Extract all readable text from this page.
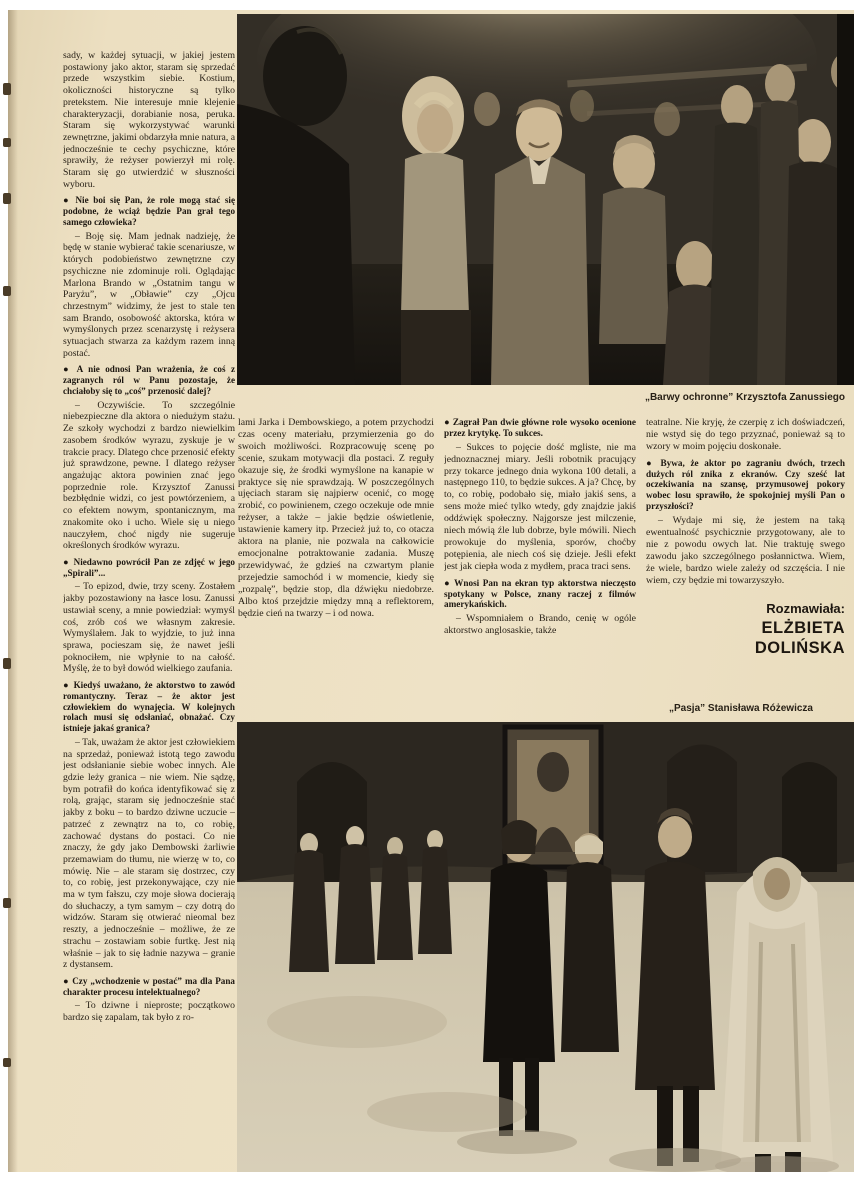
„Barwy ochronne” Krzysztofa Zanussiego

sady, w każdej sytuacji, w jakiej jestem postawiony jako aktor, staram się sprzedać przede wszystkim siebie. Kostium, okoliczności historyczne są tylko pretekstem. Nie interesuje mnie klejenie charakteryzacji, dorabianie nosa, peruka. Staram się wykorzystywać warunki zewnętrzne, jakimi obdarzyła mnie natura, a jednocześnie te cechy psychiczne, które sprawiły, że reżyser powierzył mi rolę. Staram się go utwierdzić w słuszności wyboru.

● Nie boi się Pan, że role mogą stać się podobne, że wciąż będzie Pan grał tego samego człowieka?

– Boję się. Mam jednak nadzieję, że będę w stanie wybierać takie scenariusze, w których podobieństwo zewnętrzne czy psychiczne nie zdominuje roli. Oglądając Marlona Brando w „Ostatnim tangu w Paryżu”, w „Obławie” czy „Ojcu chrzestnym” widzimy, że jest to stale ten sam Brando, osobowość aktorska, która w wymyślonych przez scenarzystę i reżysera sytuacjach stwarza za każdym razem inną postać.

● A nie odnosi Pan wrażenia, że coś z zagranych ról w Panu pozostaje, że chciałoby się to „coś” przenosić dalej?

– Oczywiście. To szczególnie niebezpieczne dla aktora o niedużym stażu. Ze szkoły wychodzi z bardzo niewielkim zasobem środków wyrazu, zyskuje je w trakcie pracy. Dlatego chce przenosić efekty już sprawdzone, pewne. I dlatego reżyser angażując aktora powinien znać jego poprzednie role. Krzysztof Zanussi bezbłędnie widzi, co jest powtórzeniem, a co efektem nowym, spontanicznym, ma znakomite oko i ucho. Wiele się u niego nauczyłem, choć nigdy nie sugeruje określonych środków wyrazu.

● Niedawno powrócił Pan ze zdjęć w jego „Spirali”...

– To epizod, dwie, trzy sceny. Zostałem jakby pozostawiony na łasce losu. Zanussi ustawiał sceny, a mnie powiedział: wymyśl coś, zrób coś we własnym zakresie. Wymyślałem. Jak to wyjdzie, to już inna sprawa, pocieszam się, że nawet jeśli poknociłem, nie wpłynie to na całość. Myślę, że to był dowód wielkiego zaufania.

● Kiedyś uważano, że aktorstwo to zawód romantyczny. Teraz – że aktor jest człowiekiem do wynajęcia. W kolejnych rolach musi się odsłaniać, obnażać. Czy istnieje jakaś granica?

– Tak, uważam że aktor jest człowiekiem na sprzedaż, ponieważ istotą tego zawodu jest odsłanianie siebie wobec innych. Ale gdzie leży granica – nie wiem. Nie sądzę, bym potrafił do końca identyfikować się z rolą, grając, staram się jednocześnie stać jakby z boku – to bardzo dziwne uczucie – patrzeć z zewnątrz na to, co robię, zachować dystans do postaci. Co nie znaczy, że gdy jako Dembowski żarliwie przemawiam do tłumu, nie wierzę w to, co mówię. Nie – ale staram się dostrzec, czy to, co robię, jest przekonywające, czy nie ma w tym fałszu, czy moje słowa docierają do słuchaczy, a tym samym – czy dotrą do widzów. Staram się otwierać nieomal bez reszty, a jednocześnie – możliwe, że ze strachu – zostawiam sobie furtkę. Jest nią właśnie – jak to się ładnie nazywa – granie z dystansem.

● Czy „wchodzenie w postać” ma dla Pana charakter procesu intelektualnego?

– To dziwne i nieproste; początkowo bardzo się zapalam, tak było z ro-

lami Jarka i Dembowskiego, a potem przychodzi czas oceny materiału, przymierzenia go do swoich możliwości. Rozpracowuję scenę po scenie, szukam motywacji dla postaci. Z reguły okazuje się, że środki wymyślone na kanapie w praktyce się nie sprawdzają. W poszczególnych ujęciach staram się najpierw ocenić, co mogę zrobić, co powinienem, czego oczekuje ode mnie reżyser, a także – jakie będzie oświetlenie, ustawienie kamery itp. Przecież już to, co otacza aktora na planie, nie pozwala na całkowicie emocjonalne potraktowanie zadania. Muszę przewidywać, że gdzieś na czwartym planie przejedzie samochód i w momencie, kiedy się „rozpalę”, będzie stop, dla dźwięku niedobrze. Albo ktoś przejdzie między mną a reflektorem, będzie cień na twarzy – i od nowa.

● Zagrał Pan dwie główne role wysoko ocenione przez krytykę. To sukces.

– Sukces to pojęcie dość mgliste, nie ma jednoznacznej miary. Jeśli robotnik pracujący przy tokarce jednego dnia wykona 100 detali, a następnego 110, to będzie sukces. A ja? Chcę, by to, co robię, podobało się, miało jakiś sens, a sens może mieć tylko wtedy, gdy znajdzie jakiś oddźwięk społeczny. Najgorsze jest milczenie, niech mówią źle lub dobrze, byle mówili. Niech prowokuje do myślenia, sporów, choćby potępienia, ale niech coś się dzieje. Jeśli efekt jest jak ciepła woda z mydłem, praca traci sens.

● Wnosi Pan na ekran typ aktorstwa nieczęsto spotykany w Polsce, znany raczej z filmów amerykańskich.

– Wspomniałem o Brando, cenię w ogóle aktorstwo anglosaskie, także

teatralne. Nie kryję, że czerpię z ich doświadczeń, nie wstyd się do tego przyznać, ponieważ są to wzory w moim pojęciu doskonałe.

● Bywa, że aktor po zagraniu dwóch, trzech dużych ról znika z ekranów. Czy sześć lat oczekiwania na szansę, przymusowej pokory wobec losu sprawiło, że spokojniej myśli Pan o przyszłości?

– Wydaje mi się, że jestem na taką ewentualność psychicznie przygotowany, ale to nie z powodu owych lat. Nie traktuję swego zawodu jako szczególnego posłannictwa. Wiem, że wiele, bardzo wiele zależy od szczęścia. I nie wiem, czy będzie mi towarzyszyło.

Rozmawiała:

ELŻBIETA

DOLIŃSKA

„Pasja” Stanisława Różewicza
